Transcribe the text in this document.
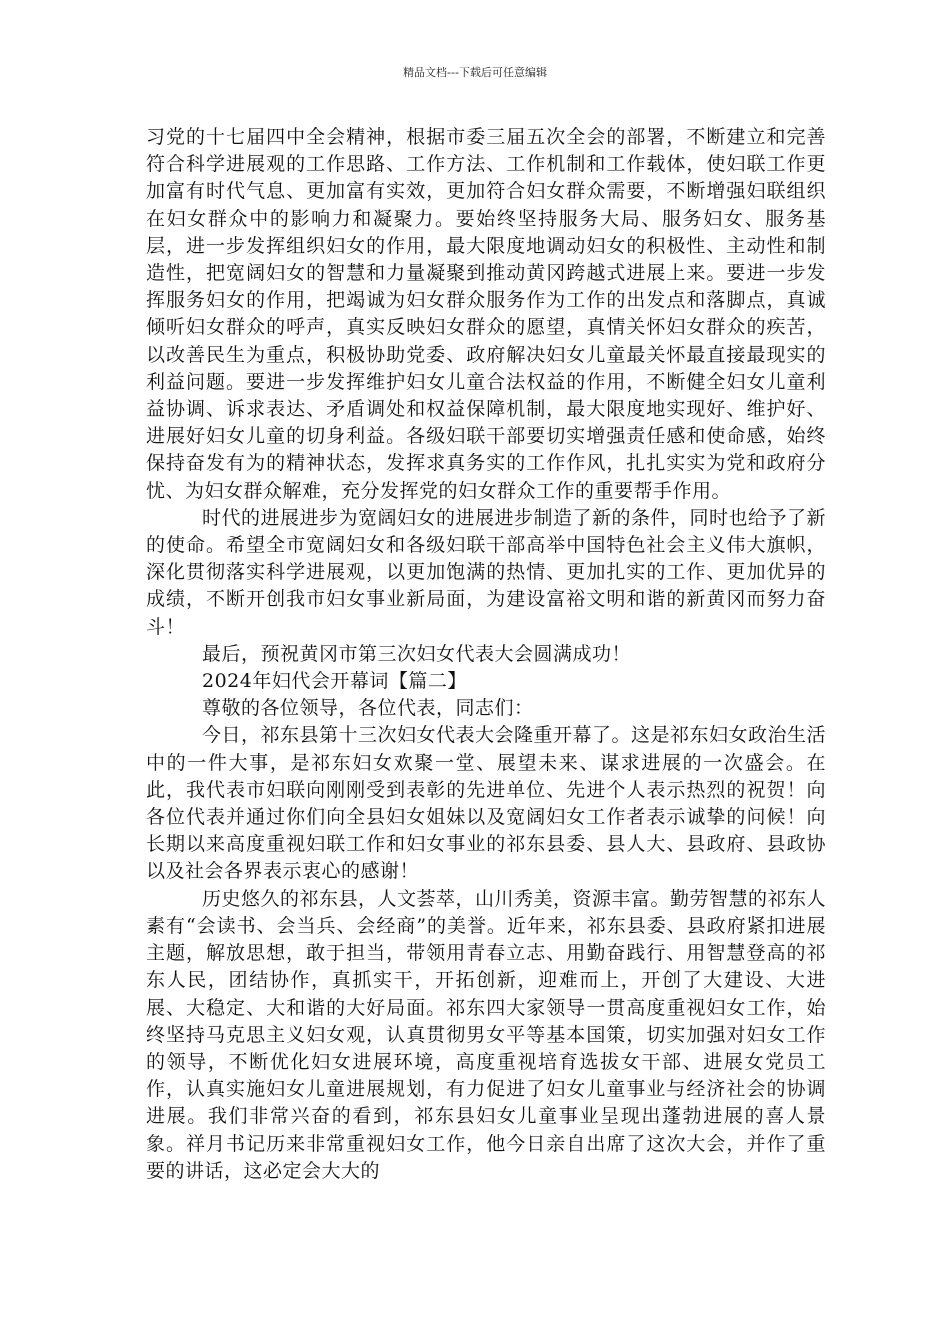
精品文档---下载后可任意编辑

习党的十七届四中全会精神，根据市委三届五次全会的部署，不断建立和完善符合科学进展观的工作思路、工作方法、工作机制和工作载体，使妇联工作更加富有时代气息、更加富有实效，更加符合妇女群众需要，不断增强妇联组织在妇女群众中的影响力和凝聚力。要始终坚持服务大局、服务妇女、服务基层，进一步发挥组织妇女的作用，最大限度地调动妇女的积极性、主动性和制造性，把宽阔妇女的智慧和力量凝聚到推动黄冈跨越式进展上来。要进一步发挥服务妇女的作用，把竭诚为妇女群众服务作为工作的出发点和落脚点，真诚倾听妇女群众的呼声，真实反映妇女群众的愿望，真情关怀妇女群众的疾苦，以改善民生为重点，积极协助党委、政府解决妇女儿童最关怀最直接最现实的利益问题。要进一步发挥维护妇女儿童合法权益的作用，不断健全妇女儿童利益协调、诉求表达、矛盾调处和权益保障机制，最大限度地实现好、维护好、进展好妇女儿童的切身利益。各级妇联干部要切实增强责任感和使命感，始终保持奋发有为的精神状态，发挥求真务实的工作作风，扎扎实实为党和政府分忧、为妇女群众解难，充分发挥党的妇女群众工作的重要帮手作用。

时代的进展进步为宽阔妇女的进展进步制造了新的条件，同时也给予了新的使命。希望全市宽阔妇女和各级妇联干部高举中国特色社会主义伟大旗帜，深化贯彻落实科学进展观，以更加饱满的热情、更加扎实的工作、更加优异的成绩，不断开创我市妇女事业新局面，为建设富裕文明和谐的新黄冈而努力奋斗！

最后，预祝黄冈市第三次妇女代表大会圆满成功！

2024年妇代会开幕词【篇二】

尊敬的各位领导，各位代表，同志们：

今日，祁东县第十三次妇女代表大会隆重开幕了。这是祁东妇女政治生活中的一件大事，是祁东妇女欢聚一堂、展望未来、谋求进展的一次盛会。在此，我代表市妇联向刚刚受到表彰的先进单位、先进个人表示热烈的祝贺！向各位代表并通过你们向全县妇女姐妹以及宽阔妇女工作者表示诚挚的问候！向长期以来高度重视妇联工作和妇女事业的祁东县委、县人大、县政府、县政协以及社会各界表示衷心的感谢！

历史悠久的祁东县，人文荟萃，山川秀美，资源丰富。勤劳智慧的祁东人素有“会读书、会当兵、会经商”的美誉。近年来，祁东县委、县政府紧扣进展主题，解放思想，敢于担当，带领用青春立志、用勤奋践行、用智慧登高的祁东人民，团结协作，真抓实干，开拓创新，迎难而上，开创了大建设、大进展、大稳定、大和谐的大好局面。祁东四大家领导一贯高度重视妇女工作，始终坚持马克思主义妇女观，认真贯彻男女平等基本国策，切实加强对妇女工作的领导，不断优化妇女进展环境，高度重视培育选拔女干部、进展女党员工作，认真实施妇女儿童进展规划，有力促进了妇女儿童事业与经济社会的协调进展。我们非常兴奋的看到，祁东县妇女儿童事业呈现出蓬勃进展的喜人景象。祥月书记历来非常重视妇女工作，他今日亲自出席了这次大会，并作了重要的讲话，这必定会大大的
